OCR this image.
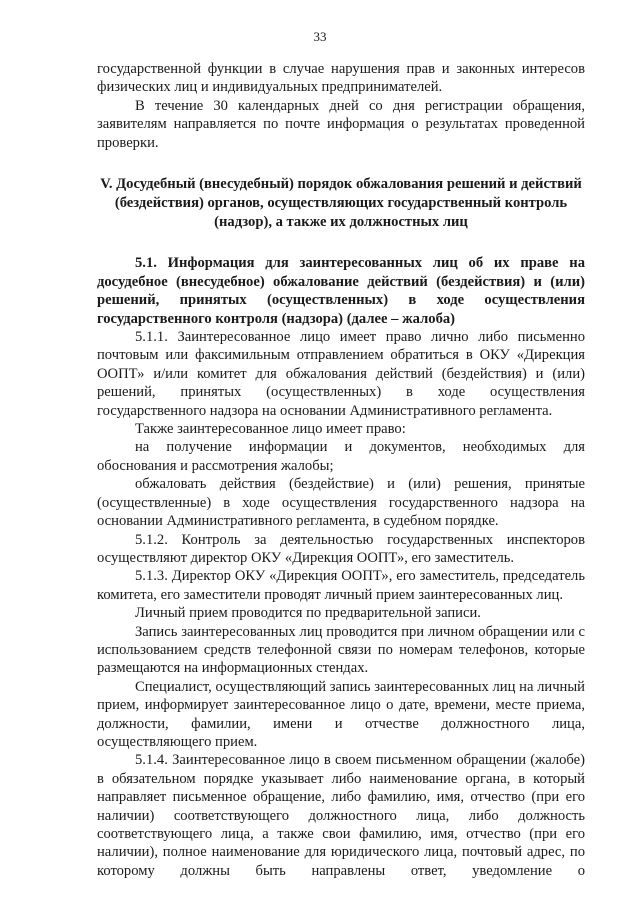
33

государственной функции в случае нарушения прав и законных интересов физических лиц и индивидуальных предпринимателей.

В течение 30 календарных дней со дня регистрации обращения, заявителям направляется по почте информация о результатах проведенной проверки.

V. Досудебный (внесудебный) порядок обжалования решений и действий (бездействия) органов, осуществляющих государственный контроль (надзор), а также их должностных лиц

5.1. Информация для заинтересованных лиц об их праве на досудебное (внесудебное) обжалование действий (бездействия) и (или) решений, принятых (осуществленных) в ходе осуществления государственного контроля (надзора) (далее – жалоба)

5.1.1. Заинтересованное лицо имеет право лично либо письменно почтовым или факсимильным отправлением обратиться в ОКУ «Дирекция ООПТ» и/или комитет для обжалования действий (бездействия) и (или) решений, принятых (осуществленных) в ходе осуществления государственного надзора на основании Административного регламента.

Также заинтересованное лицо имеет право:

на получение информации и документов, необходимых для обоснования и рассмотрения жалобы;

обжаловать действия (бездействие) и (или) решения, принятые (осуществленные) в ходе осуществления государственного надзора на основании Административного регламента, в судебном порядке.

5.1.2. Контроль за деятельностью государственных инспекторов осуществляют директор ОКУ «Дирекция ООПТ», его заместитель.

5.1.3. Директор ОКУ «Дирекция ООПТ», его заместитель, председатель комитета, его заместители проводят личный прием заинтересованных лиц.

Личный прием проводится по предварительной записи.

Запись заинтересованных лиц проводится при личном обращении или с использованием средств телефонной связи по номерам телефонов, которые размещаются на информационных стендах.

Специалист, осуществляющий запись заинтересованных лиц на личный прием, информирует заинтересованное лицо о дате, времени, месте приема, должности, фамилии, имени и отчестве должностного лица, осуществляющего прием.

5.1.4. Заинтересованное лицо в своем письменном обращении (жалобе) в обязательном порядке указывает либо наименование органа, в который направляет письменное обращение, либо фамилию, имя, отчество (при его наличии) соответствующего должностного лица, либо должность соответствующего лица, а также свои фамилию, имя, отчество (при его наличии), полное наименование для юридического лица, почтовый адрес, по которому должны быть направлены ответ, уведомление о
